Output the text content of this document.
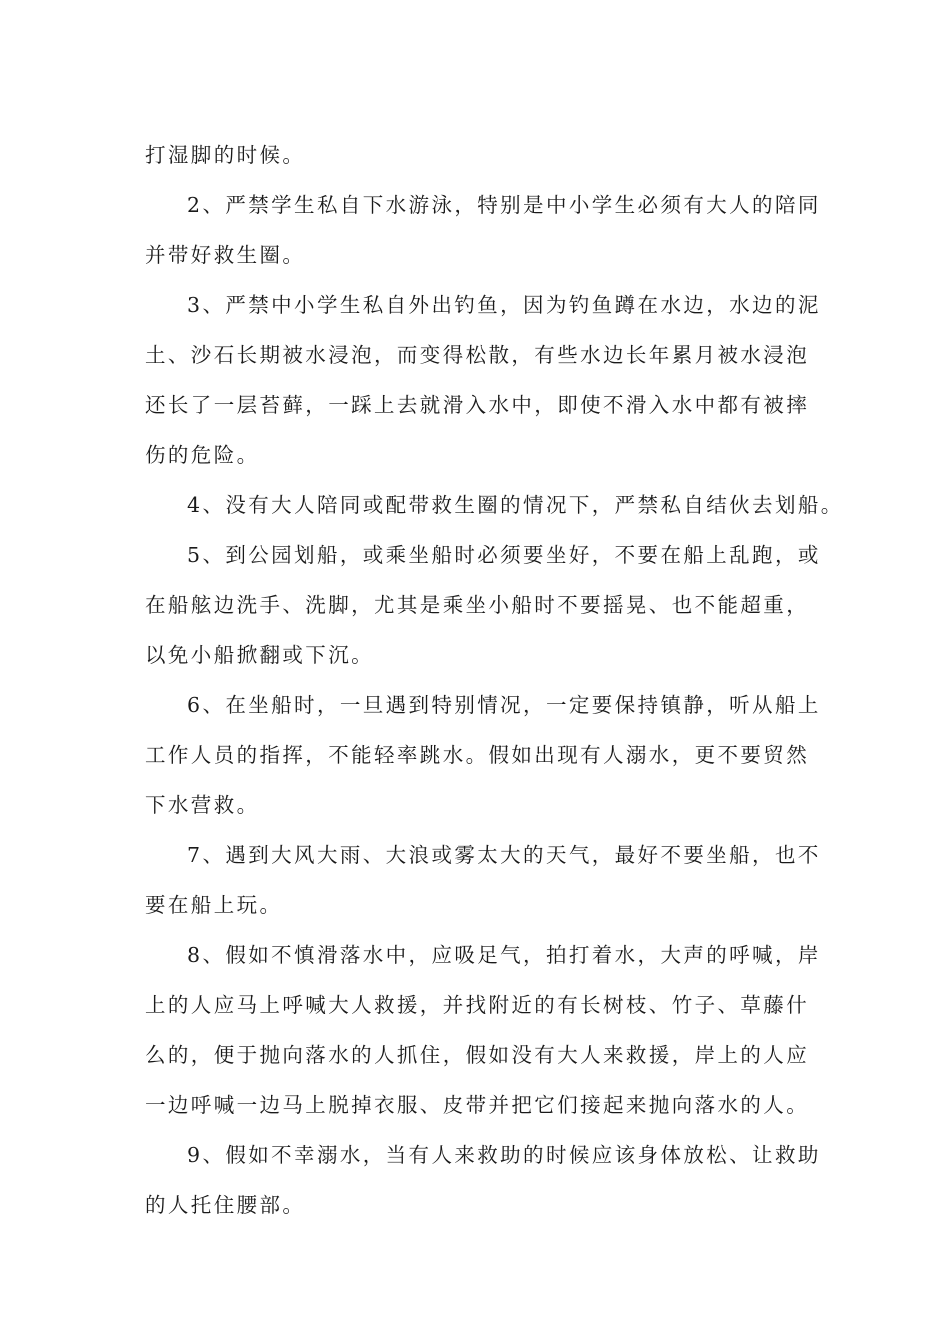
打湿脚的时候。
2、严禁学生私自下水游泳，特别是中小学生必须有大人的陪同
并带好救生圈。
3、严禁中小学生私自外出钓鱼，因为钓鱼蹲在水边，水边的泥
土、沙石长期被水浸泡，而变得松散，有些水边长年累月被水浸泡
还长了一层苔藓，一踩上去就滑入水中，即使不滑入水中都有被摔
伤的危险。
4、没有大人陪同或配带救生圈的情况下，严禁私自结伙去划船。
5、到公园划船，或乘坐船时必须要坐好，不要在船上乱跑，或
在船舷边洗手、洗脚，尤其是乘坐小船时不要摇晃、也不能超重，
以免小船掀翻或下沉。
6、在坐船时，一旦遇到特别情况，一定要保持镇静，听从船上
工作人员的指挥，不能轻率跳水。假如出现有人溺水，更不要贸然
下水营救。
7、遇到大风大雨、大浪或雾太大的天气，最好不要坐船，也不
要在船上玩。
8、假如不慎滑落水中，应吸足气，拍打着水，大声的呼喊，岸
上的人应马上呼喊大人救援，并找附近的有长树枝、竹子、草藤什
么的，便于抛向落水的人抓住，假如没有大人来救援，岸上的人应
一边呼喊一边马上脱掉衣服、皮带并把它们接起来抛向落水的人。
9、假如不幸溺水，当有人来救助的时候应该身体放松、让救助
的人托住腰部。
